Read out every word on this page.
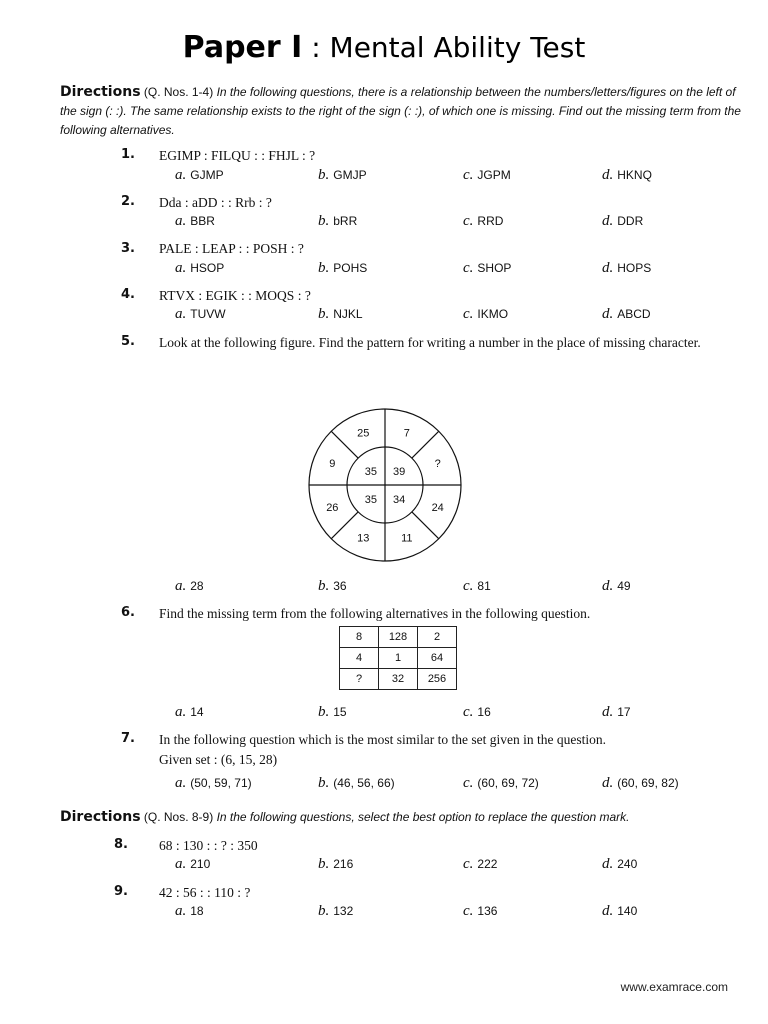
Paper I : Mental Ability Test
Directions (Q. Nos. 1-4) In the following questions, there is a relationship between the numbers/letters/figures on the left of the sign (: :). The same relationship exists to the right of the sign (: :), of which one is missing. Find out the missing term from the following alternatives.
1. EGIMP : FILQU : : FHJL : ?
a. GJMP	b. GMJP	c. JGPM	d. HKNQ
2. Dda : aDD : : Rrb : ?
a. BBR	b. bRR	c. RRD	d. DDR
3. PALE : LEAP : : POSH : ?
a. HSOP	b. POHS	c. SHOP	d. HOPS
4. RTVX : EGIK : : MOQS : ?
a. TUVW	b. NJKL	c. IKMO	d. ABCD
5. Look at the following figure. Find the pattern for writing a number in the place of missing character.
25	7
?
24
11
13
26
9
35 39
34
35
a. 28	b. 36	c. 81	d. 49
6. Find the missing term from the following alternatives in the following question.
8	128	2
4	1	64
?	32	256
a. 14	b. 15	c. 16	d. 17
7. In the following question which is the most similar to the set given in the question.
Given set : (6, 15, 28)
a. (50, 59, 71)	b. (46, 56, 66)	c. (60, 69, 72)	d. (60, 69, 82)
Directions (Q. Nos. 8-9) In the following questions, select the best option to replace the question mark.
8. 68 : 130 : : ? : 350
a. 210	b. 216	c. 222	d. 240
9. 42 : 56 : : 110 : ?
a. 18	b. 132	c. 136	d. 140
www.examrace.com
